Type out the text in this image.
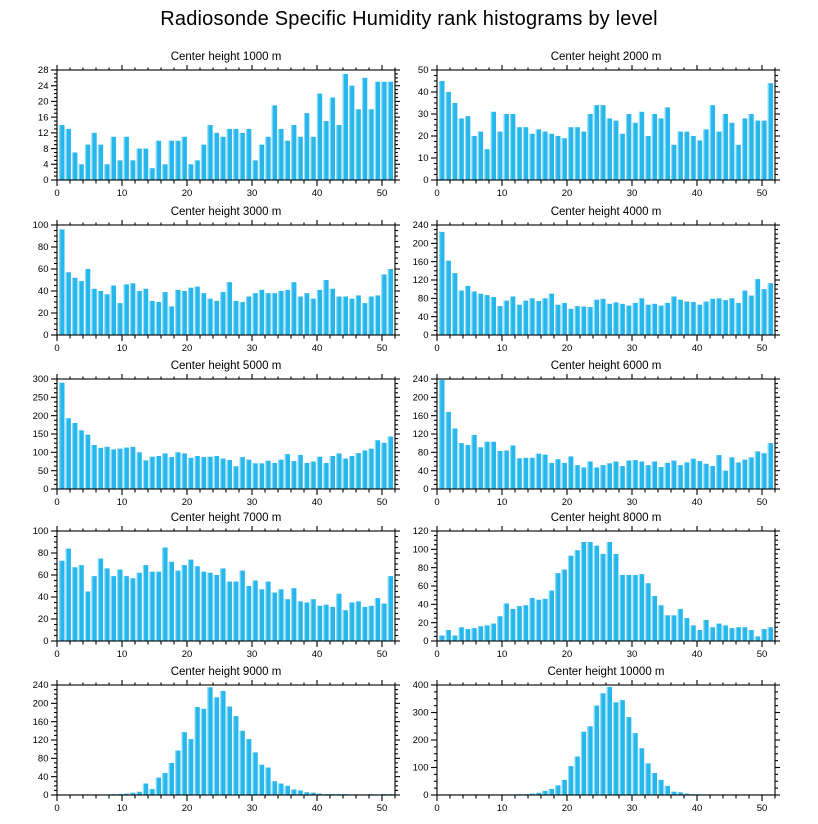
Radiosonde Specific Humidity rank histograms by level
Center height 1000 m
0
4
8
12
16
20
24
28
0	10	20	30	40	50
Center height 2000 m
0
10
20
30
40
50
0	10	20	30	40	50
Center height 3000 m
0
20
40
60
80
100
0	10	20	30	40	50
Center height 4000 m
0
40
80
120
160
200
240
0	10	20	30	40	50
Center height 5000 m
0
50
100
150
200
250
300
0	10	20	30	40	50
Center height 6000 m
0
40
80
120
160
200
240
0	10	20	30	40	50
Center height 7000 m
0
20
40
60
80
100
0	10	20	30	40	50
Center height 8000 m
0
20
40
60
80
100
120
0	10	20	30	40	50
Center height 9000 m
0
40
80
120
160
200
240
0	10	20	30	40	50
Center height 10000 m
0
100
200
300
400
0	10	20	30	40	50
